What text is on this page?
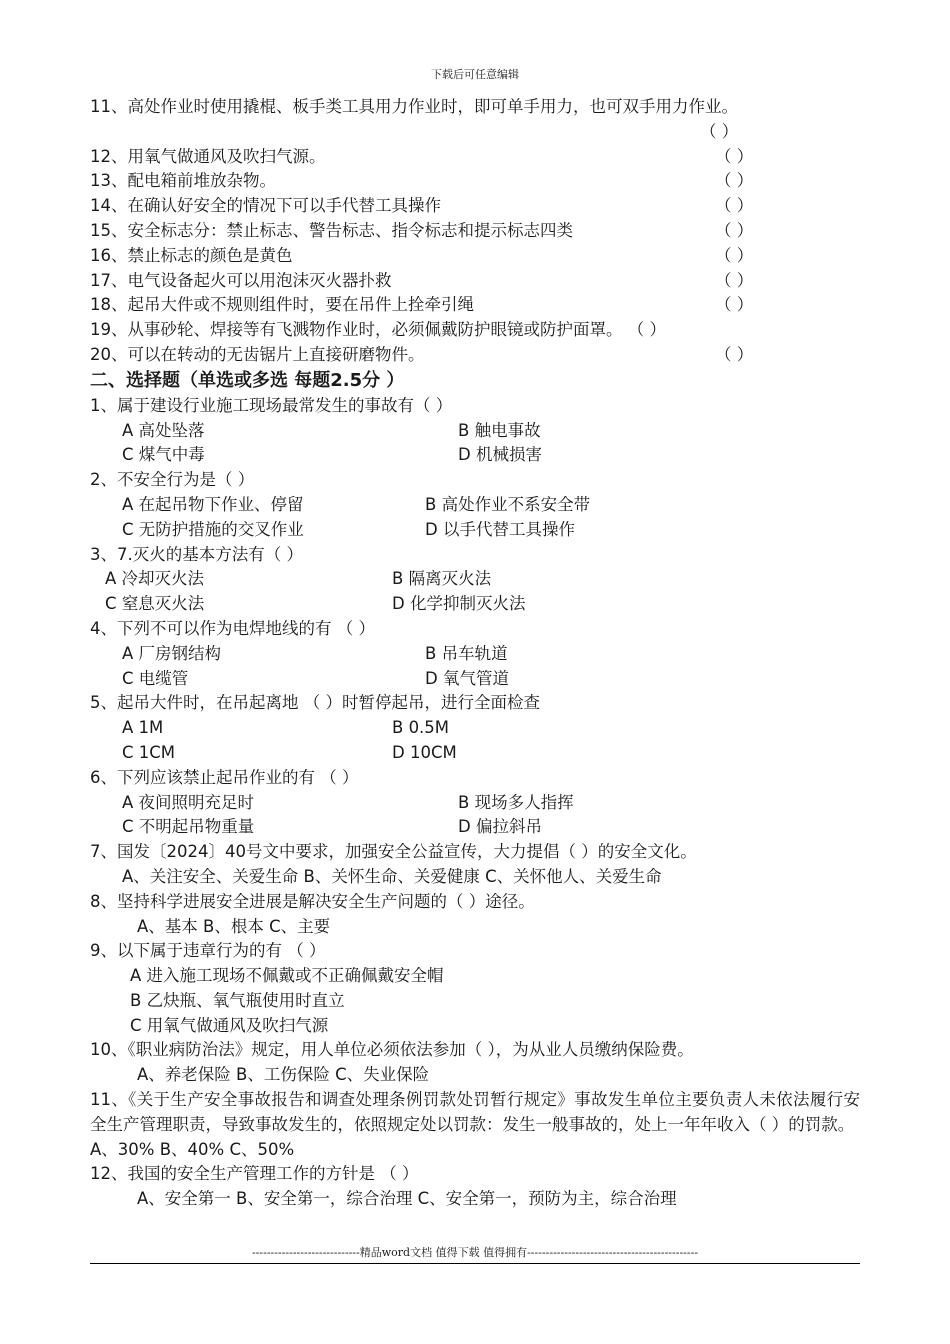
下载后可任意编辑
11、高处作业时使用撬棍、板手类工具用力作业时，即可单手用力，也可双手用力作业。
（ ）
12、用氧气做通风及吹扫气源。	（ ）
13、配电箱前堆放杂物。	（ ）
14、在确认好安全的情况下可以手代替工具操作	（ ）
15、安全标志分：禁止标志、警告标志、指令标志和提示标志四类	（ ）
16、禁止标志的颜色是黄色	（ ）
17、电气设备起火可以用泡沫灭火器扑救	（ ）
18、起吊大件或不规则组件时，要在吊件上拴牵引绳	（ ）
19、从事砂轮、焊接等有飞溅物作业时，必须佩戴防护眼镜或防护面罩。 （ ）
20、可以在转动的无齿锯片上直接研磨物件。	（ ）
二、选择题（单选或多选 每题2.5分 ）
1、属于建设行业施工现场最常发生的事故有（ ）
A 高处坠落	B 触电事故
C 煤气中毒	D 机械损害
2、不安全行为是（ ）
A 在起吊物下作业、停留	B 高处作业不系安全带
C 无防护措施的交叉作业	D 以手代替工具操作
3、7.灭火的基本方法有（ ）
A 冷却灭火法	B 隔离灭火法
C 窒息灭火法	D 化学抑制灭火法
4、下列不可以作为电焊地线的有 （ ）
A 厂房钢结构	B 吊车轨道
C 电缆管	D 氧气管道
5、起吊大件时，在吊起离地 （ ）时暂停起吊，进行全面检查
A 1M	B 0.5M
C 1CM	D 10CM
6、下列应该禁止起吊作业的有 （ ）
A 夜间照明充足时	B 现场多人指挥
C 不明起吊物重量	D 偏拉斜吊
7、国发〔2024〕40号文中要求，加强安全公益宣传，大力提倡（ ）的安全文化。
A、关注安全、关爱生命 B、关怀生命、关爱健康 C、关怀他人、关爱生命
8、坚持科学进展安全进展是解决安全生产问题的（ ）途径。
A、基本 B、根本 C、主要
9、以下属于违章行为的有 （ ）
A 进入施工现场不佩戴或不正确佩戴安全帽
B 乙炔瓶、氧气瓶使用时直立
C 用氧气做通风及吹扫气源
10、《职业病防治法》规定，用人单位必须依法参加（ ），为从业人员缴纳保险费。
A、养老保险 B、工伤保险 C、失业保险
11、《关于生产安全事故报告和调查处理条例罚款处罚暂行规定》事故发生单位主要负责人未依法履行安全生产管理职责，导致事故发生的，依照规定处以罚款：发生一般事故的，处上一年年收入（ ）的罚款。
A、30% B、40% C、50%
12、我国的安全生产管理工作的方针是 （ ）
A、安全第一 B、安全第一，综合治理 C、安全第一，预防为主，综合治理
-----------------------------精品word文档 值得下载 值得拥有----------------------------------------------
